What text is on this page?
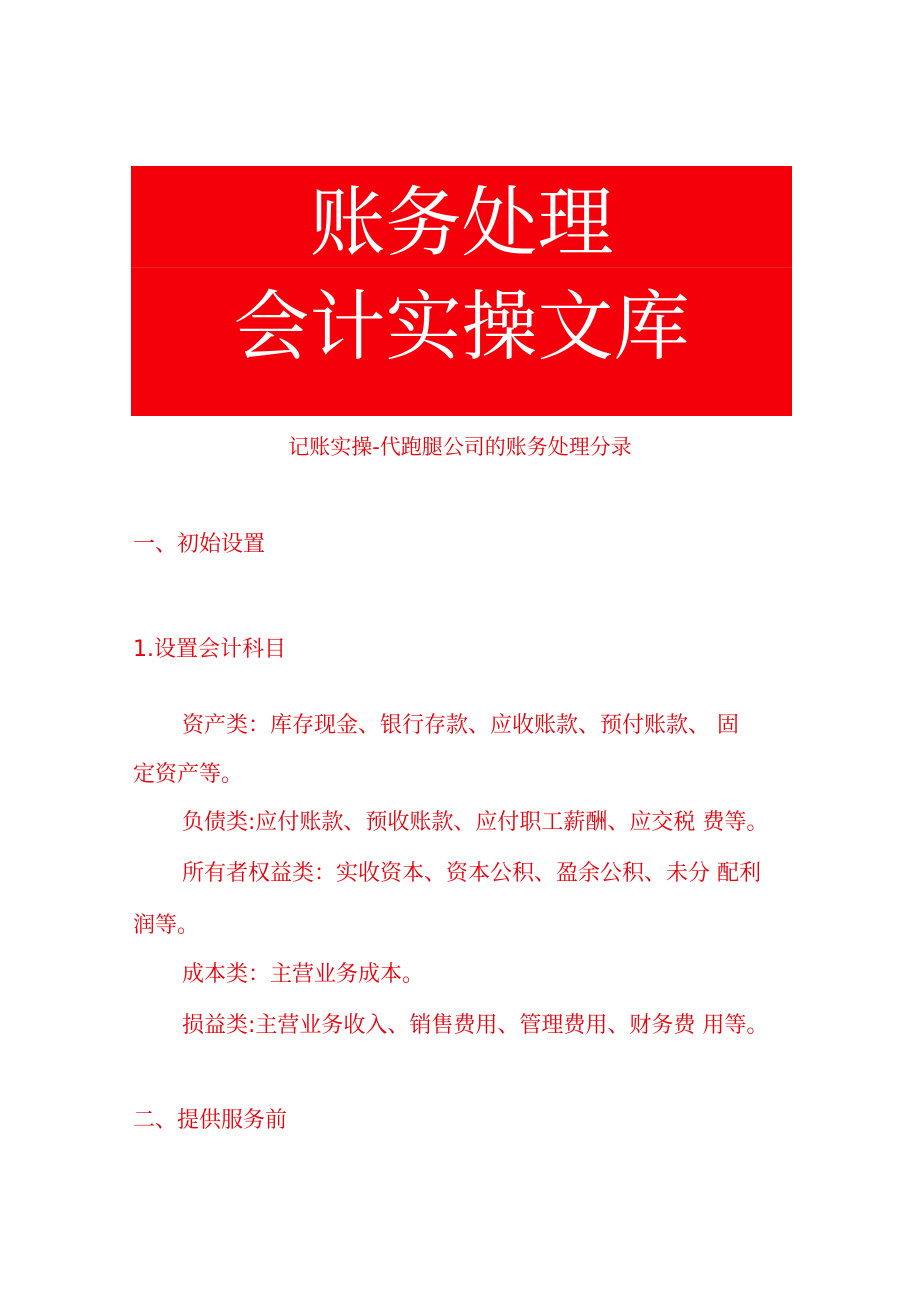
账务处理
会计实操文库
记账实操-代跑腿公司的账务处理分录
一、初始设置
1.设置会计科目
资产类：库存现金、银行存款、应收账款、预付账款、 固
定资产等。
负债类:应付账款、预收账款、应付职工薪酬、应交税 费等。
所有者权益类：实收资本、资本公积、盈余公积、未分 配利
润等。
成本类：主营业务成本。
损益类:主营业务收入、销售费用、管理费用、财务费 用等。
二、提供服务前
